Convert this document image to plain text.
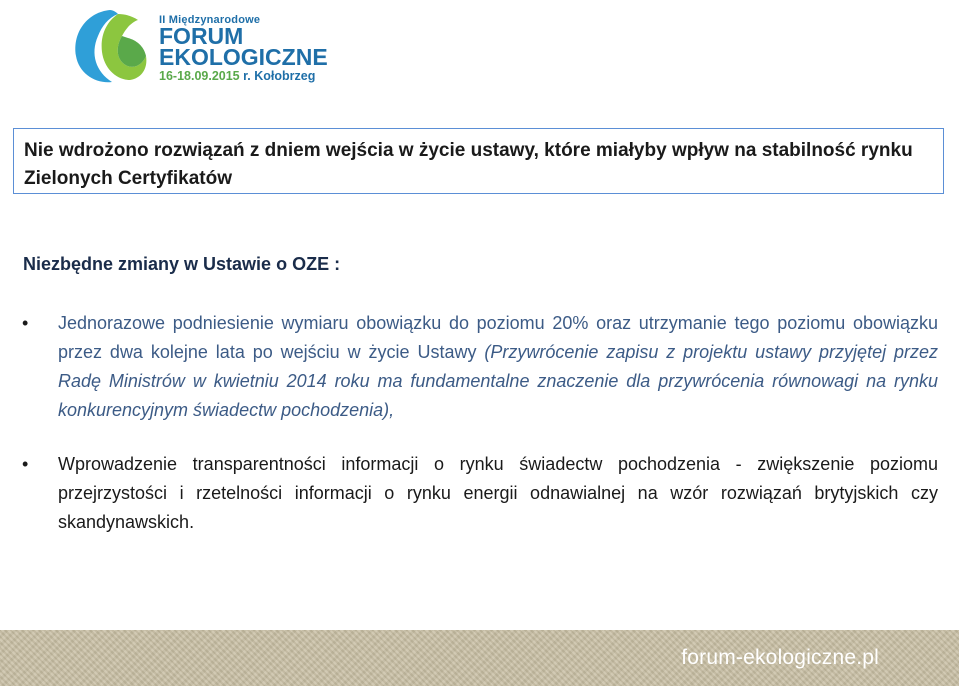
II Międzynarodowe
FORUM
EKOLOGICZNE
16-18.09.2015 r. Kołobrzeg

Nie wdrożono rozwiązań z dniem wejścia w życie ustawy, które miałyby wpływ na stabilność rynku Zielonych Certyfikatów

Niezbędne zmiany w Ustawie o OZE :
• Jednorazowe podniesienie wymiaru obowiązku do poziomu 20% oraz utrzymanie tego poziomu obowiązku przez dwa kolejne lata po wejściu w życie Ustawy (Przywrócenie zapisu z projektu ustawy przyjętej przez Radę Ministrów w kwietniu 2014 roku ma fundamentalne znaczenie dla przywrócenia równowagi na rynku konkurencyjnym świadectw pochodzenia),
• Wprowadzenie transparentności informacji o rynku świadectw pochodzenia - zwiększenie poziomu przejrzystości i rzetelności informacji o rynku energii odnawialnej na wzór rozwiązań brytyjskich czy skandynawskich.
forum-ekologiczne.pl
